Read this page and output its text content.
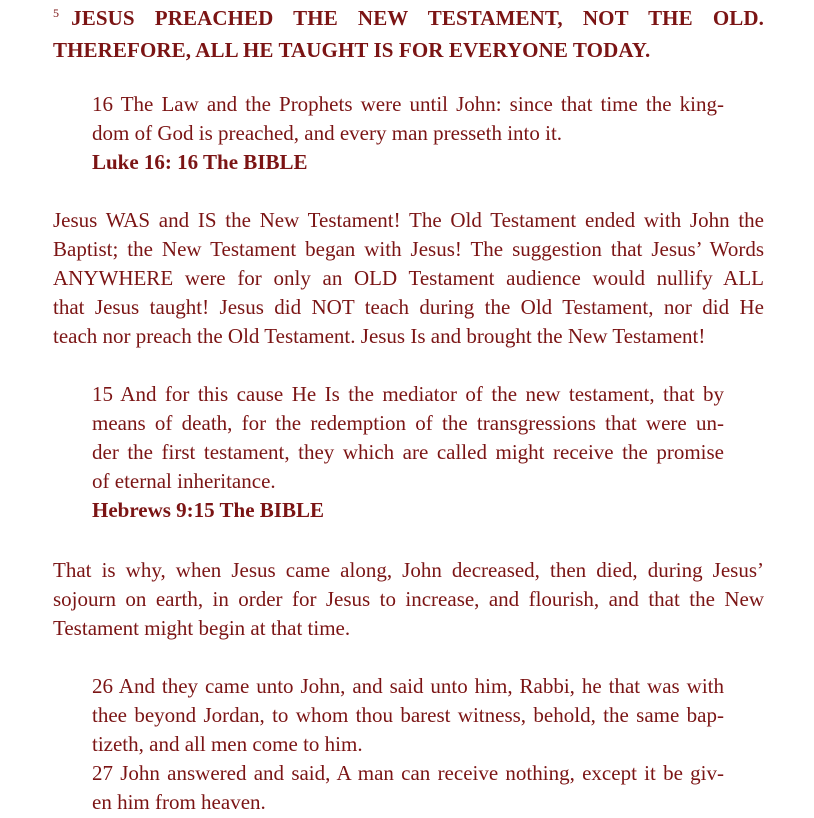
$^5$ JESUS PREACHED THE NEW TESTAMENT, NOT THE OLD.
THEREFORE, ALL HE TAUGHT IS FOR EVERYONE TODAY.
16 The Law and the Prophets were until John: since that time the king-
dom of God is preached, and every man presseth into it.
Luke 16: 16 The BIBLE
Jesus WAS and IS the New Testament! The Old Testament ended with John the
Baptist; the New Testament began with Jesus! The suggestion that Jesus’ Words
ANYWHERE were for only an OLD Testament audience would nullify ALL
that Jesus taught! Jesus did NOT teach during the Old Testament, nor did He
teach nor preach the Old Testament. Jesus Is and brought the New Testament!
15 And for this cause He Is the mediator of the new testament, that by
means of death, for the redemption of the transgressions that were un-
der the first testament, they which are called might receive the promise
of eternal inheritance.
Hebrews 9:15 The BIBLE
That is why, when Jesus came along, John decreased, then died, during Jesus’
sojourn on earth, in order for Jesus to increase, and flourish, and that the New
Testament might begin at that time.
26 And they came unto John, and said unto him, Rabbi, he that was with
thee beyond Jordan, to whom thou barest witness, behold, the same bap-
tizeth, and all men come to him.
27 John answered and said, A man can receive nothing, except it be giv-
en him from heaven.
